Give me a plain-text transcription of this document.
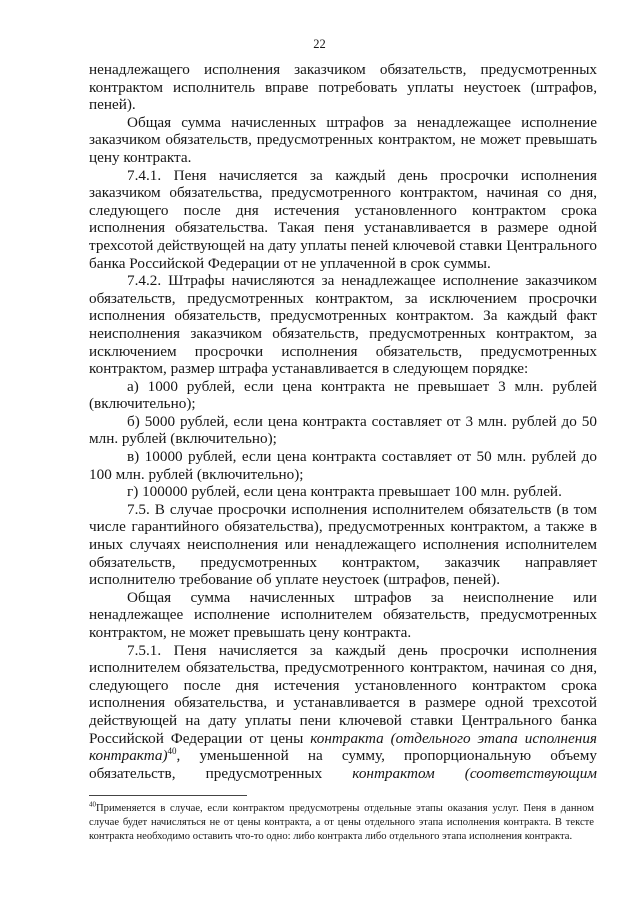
22

ненадлежащего исполнения заказчиком обязательств, предусмотренных контрактом исполнитель вправе потребовать уплаты неустоек (штрафов, пеней).

Общая сумма начисленных штрафов за ненадлежащее исполнение заказчиком обязательств, предусмотренных контрактом, не может превышать цену контракта.

7.4.1. Пеня начисляется за каждый день просрочки исполнения заказчиком обязательства, предусмотренного контрактом, начиная со дня, следующего после дня истечения установленного контрактом срока исполнения обязательства. Такая пеня устанавливается в размере одной трехсотой действующей на дату уплаты пеней ключевой ставки Центрального банка Российской Федерации от не уплаченной в срок суммы.

7.4.2. Штрафы начисляются за ненадлежащее исполнение заказчиком обязательств, предусмотренных контрактом, за исключением просрочки исполнения обязательств, предусмотренных контрактом. За каждый факт неисполнения заказчиком обязательств, предусмотренных контрактом, за исключением просрочки исполнения обязательств, предусмотренных контрактом, размер штрафа устанавливается в следующем порядке:

а) 1000 рублей, если цена контракта не превышает 3 млн. рублей (включительно);

б) 5000 рублей, если цена контракта составляет от 3 млн. рублей до 50 млн. рублей (включительно);

в) 10000 рублей, если цена контракта составляет от 50 млн. рублей до 100 млн. рублей (включительно);

г) 100000 рублей, если цена контракта превышает 100 млн. рублей.

7.5. В случае просрочки исполнения исполнителем обязательств (в том числе гарантийного обязательства), предусмотренных контрактом, а также в иных случаях неисполнения или ненадлежащего исполнения исполнителем обязательств, предусмотренных контрактом, заказчик направляет исполнителю требование об уплате неустоек (штрафов, пеней).

Общая сумма начисленных штрафов за неисполнение или ненадлежащее исполнение исполнителем обязательств, предусмотренных контрактом, не может превышать цену контракта.

7.5.1. Пеня начисляется за каждый день просрочки исполнения исполнителем обязательства, предусмотренного контрактом, начиная со дня, следующего после дня истечения установленного контрактом срока исполнения обязательства, и устанавливается в размере одной трехсотой действующей на дату уплаты пени ключевой ставки Центрального банка Российской Федерации от цены контракта (отдельного этапа исполнения контракта)$^{40}$, уменьшенной на сумму, пропорциональную объему обязательств, предусмотренных контрактом (соответствующим

$^{40}$Применяется в случае, если контрактом предусмотрены отдельные этапы оказания услуг. Пеня в данном случае будет начисляться не от цены контракта, а от цены отдельного этапа исполнения контракта. В тексте контракта необходимо оставить что-то одно: либо контракта либо отдельного этапа исполнения контракта.
